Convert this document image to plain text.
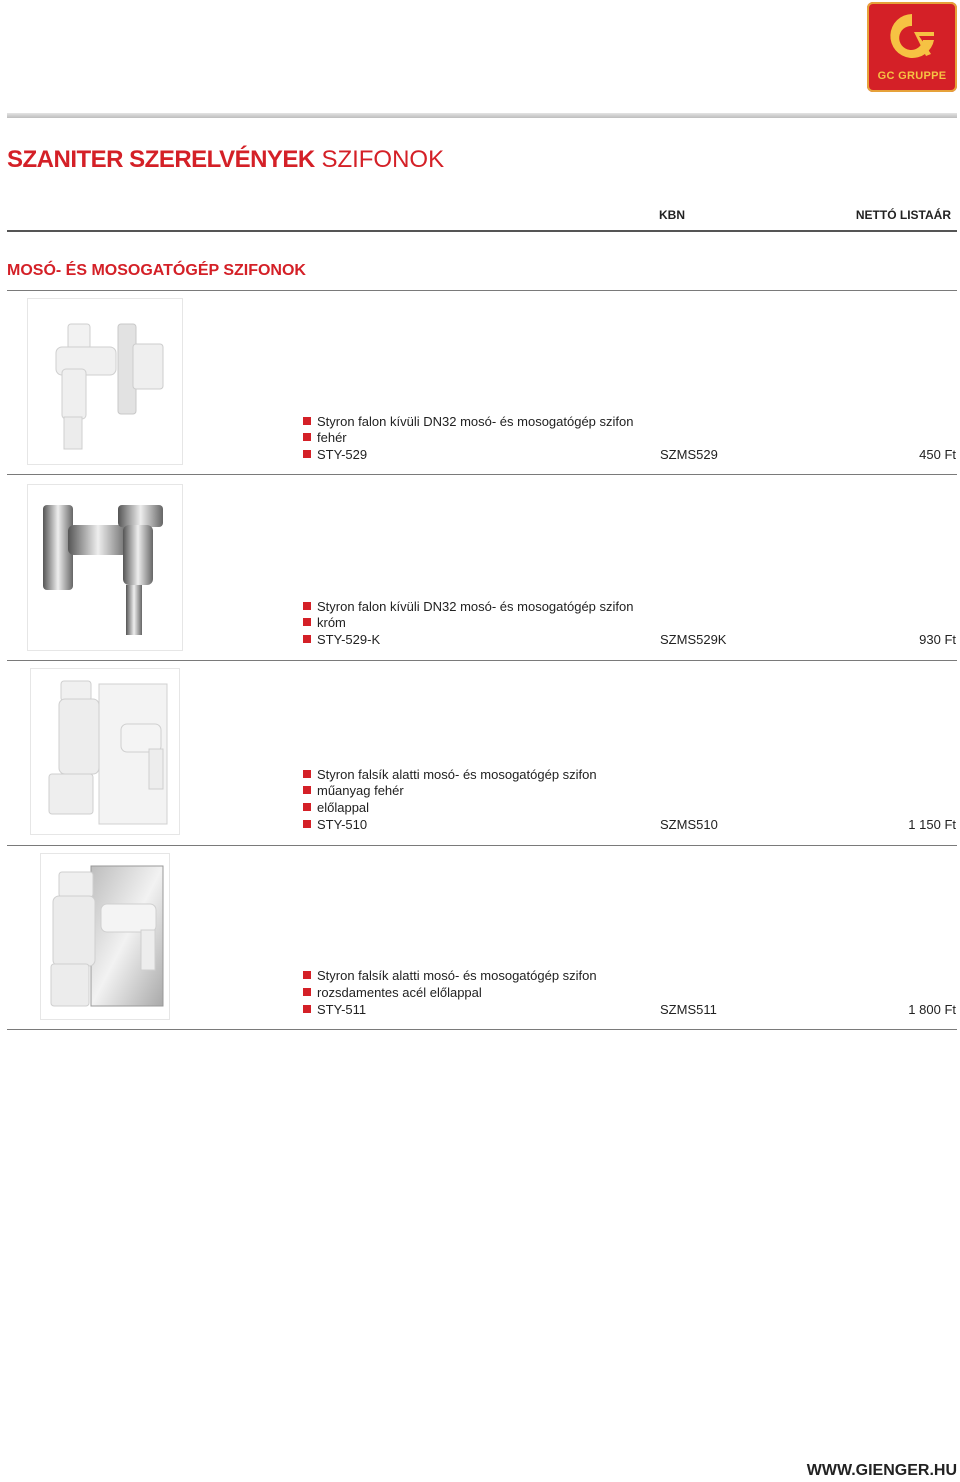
GC GRUPPE
SZANITER SZERELVÉNYEK SZIFONOK
KBN	NETTÓ LISTAÁR
MOSÓ- ÉS MOSOGATÓGÉP SZIFONOK
Styron falon kívüli DN32 mosó- és mosogatógép szifon
fehér
STY-529	SZMS529	450 Ft
Styron falon kívüli DN32 mosó- és mosogatógép szifon
króm
STY-529-K	SZMS529K	930 Ft
Styron falsík alatti mosó- és mosogatógép szifon
műanyag fehér
előlappal
STY-510	SZMS510	1 150 Ft
Styron falsík alatti mosó- és mosogatógép szifon
rozsdamentes acél előlappal
STY-511	SZMS511	1 800 Ft
WWW.GIENGER.HU
